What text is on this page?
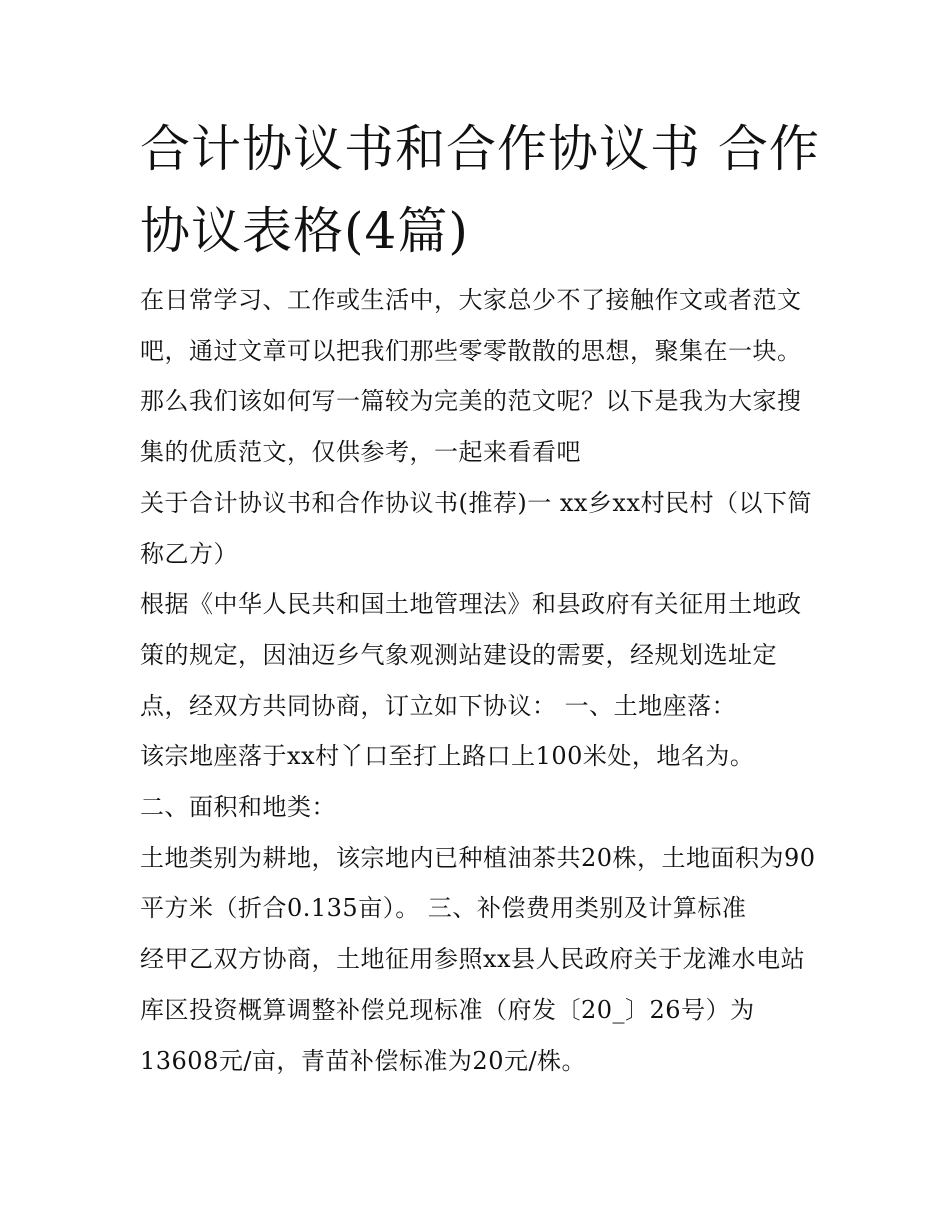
合计协议书和合作协议书 合作协议表格(4篇)

在日常学习、工作或生活中，大家总少不了接触作文或者范文吧，通过文章可以把我们那些零零散散的思想，聚集在一块。那么我们该如何写一篇较为完美的范文呢？以下是我为大家搜集的优质范文，仅供参考，一起来看看吧

关于合计协议书和合作协议书(推荐)一 xx乡xx村民村（以下简称乙方）

根据《中华人民共和国土地管理法》和县政府有关征用土地政策的规定，因油迈乡气象观测站建设的需要，经规划选址定点，经双方共同协商，订立如下协议： 一、土地座落：

该宗地座落于xx村丫口至打上路口上100米处，地名为。

二、面积和地类：

土地类别为耕地，该宗地内已种植油茶共20株，土地面积为90平方米（折合0.135亩）。 三、补偿费用类别及计算标准

经甲乙双方协商，土地征用参照xx县人民政府关于龙滩水电站库区投资概算调整补偿兑现标准（府发〔20_〕26号）为13608元/亩，青苗补偿标准为20元/株。
